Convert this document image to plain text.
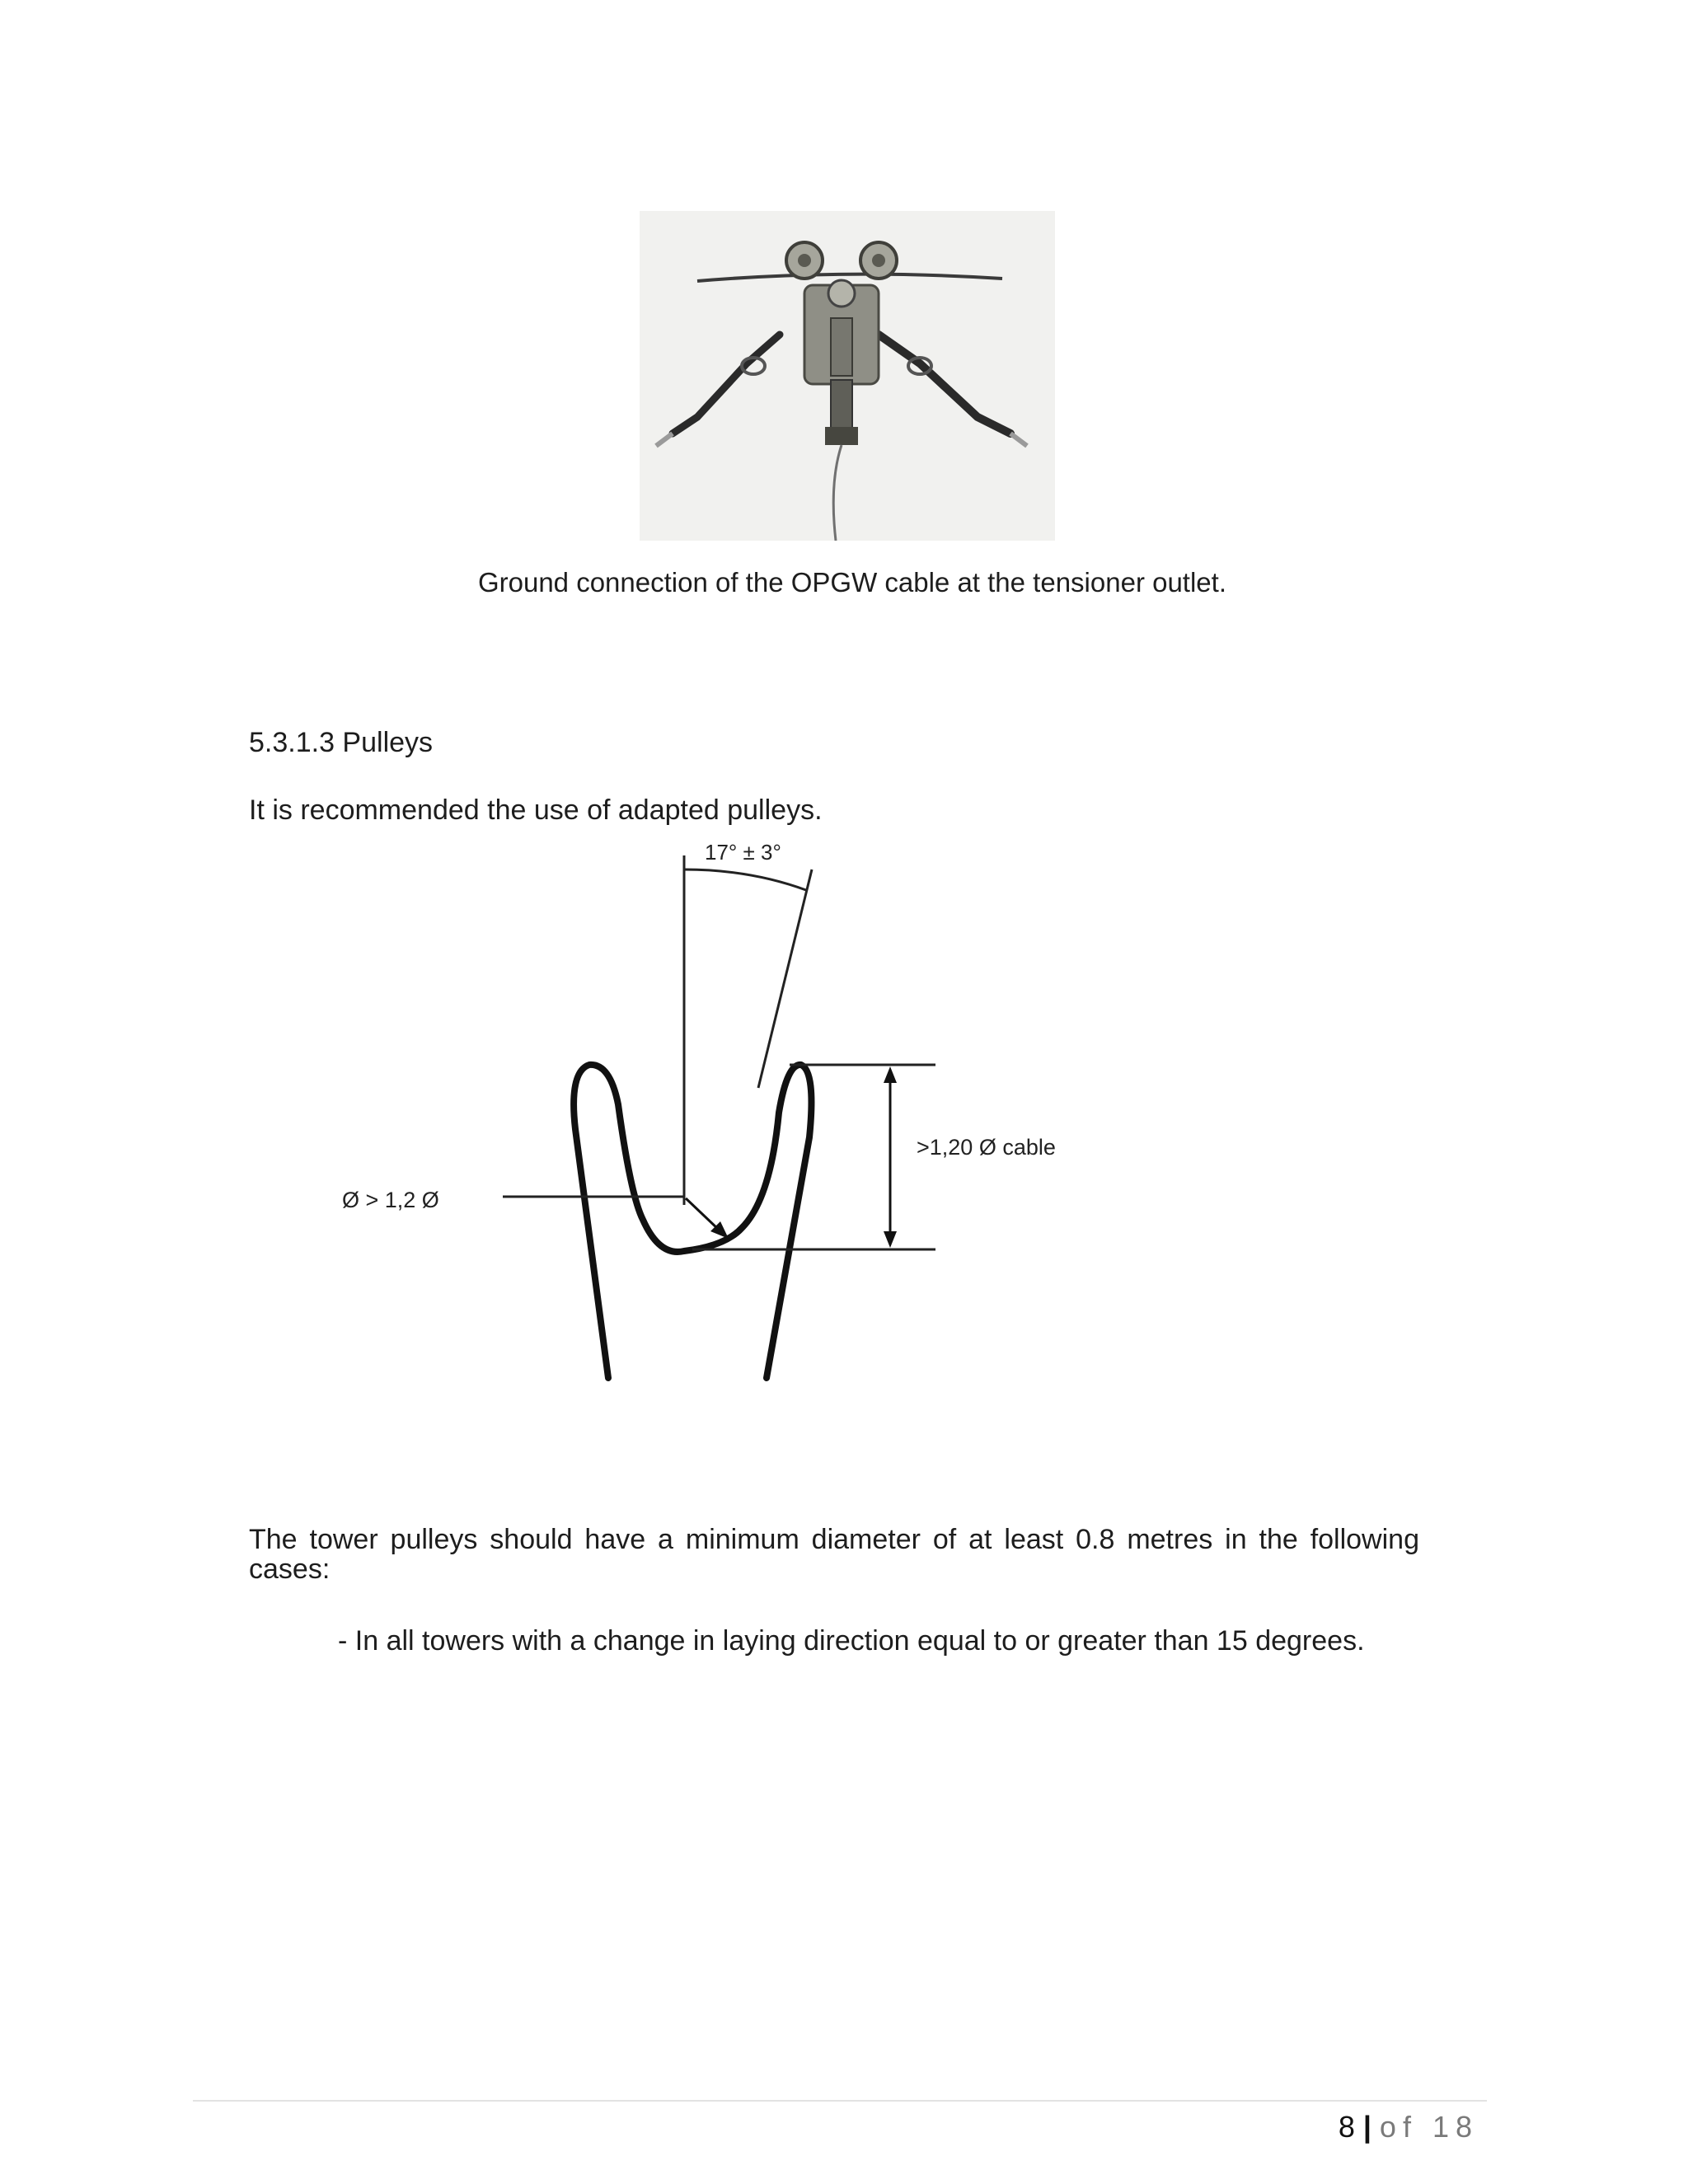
Ground connection of the OPGW cable at the tensioner outlet.
5.3.1.3 Pulleys
It is recommended the use of adapted pulleys.
17° ± 3°
>1,20 Ø cable
Ø > 1,2 Ø
The tower pulleys should have a minimum diameter of at least 0.8 metres in the following cases:
- In all towers with a change in laying direction equal to or greater than 15 degrees.
8 | of 18
